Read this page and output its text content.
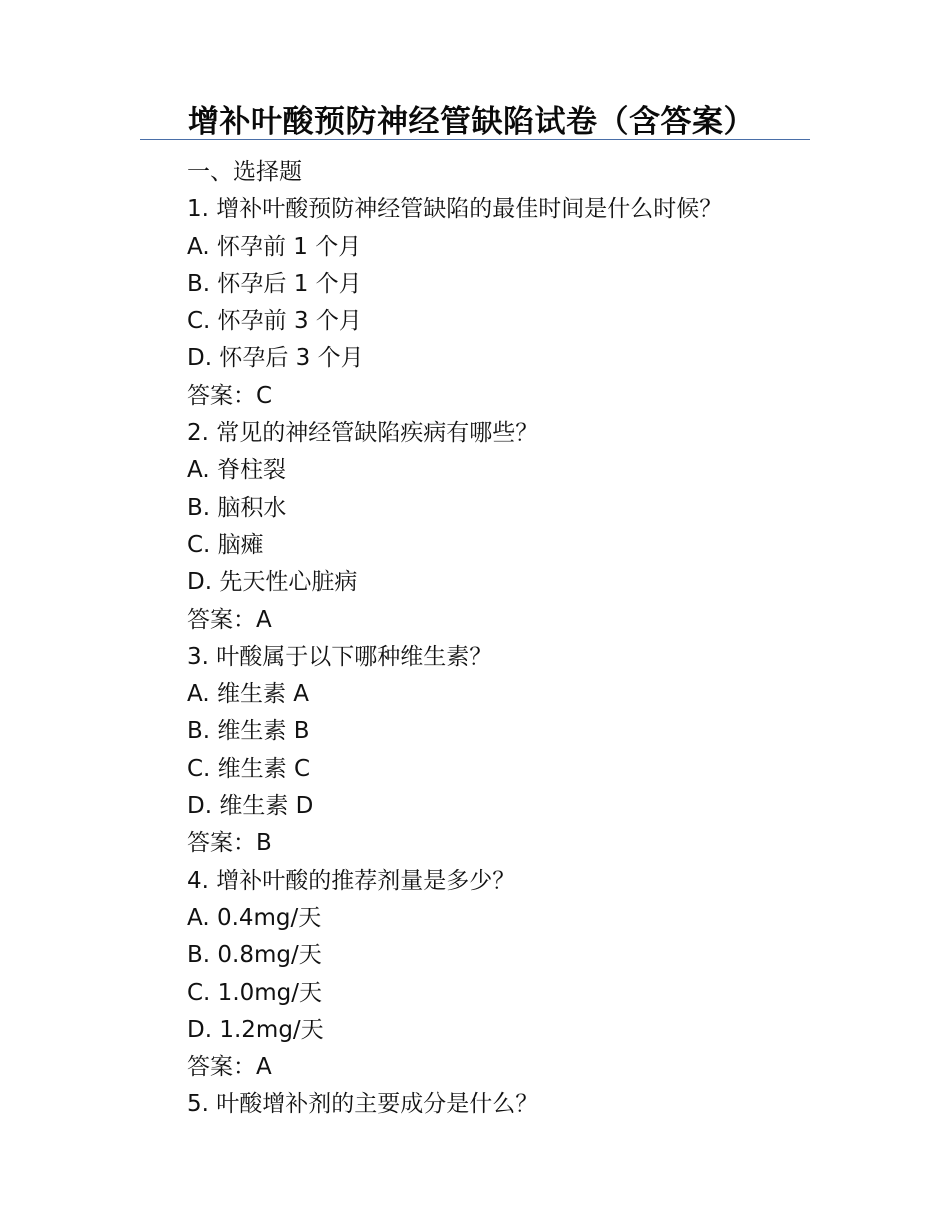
增补叶酸预防神经管缺陷试卷（含答案）
一、选择题
1. 增补叶酸预防神经管缺陷的最佳时间是什么时候？
A. 怀孕前 1 个月
B. 怀孕后 1 个月
C. 怀孕前 3 个月
D. 怀孕后 3 个月
答案：C
2. 常见的神经管缺陷疾病有哪些？
A. 脊柱裂
B. 脑积水
C. 脑瘫
D. 先天性心脏病
答案：A
3. 叶酸属于以下哪种维生素？
A. 维生素 A
B. 维生素 B
C. 维生素 C
D. 维生素 D
答案：B
4. 增补叶酸的推荐剂量是多少？
A. 0.4mg/天
B. 0.8mg/天
C. 1.0mg/天
D. 1.2mg/天
答案：A
5. 叶酸增补剂的主要成分是什么？
